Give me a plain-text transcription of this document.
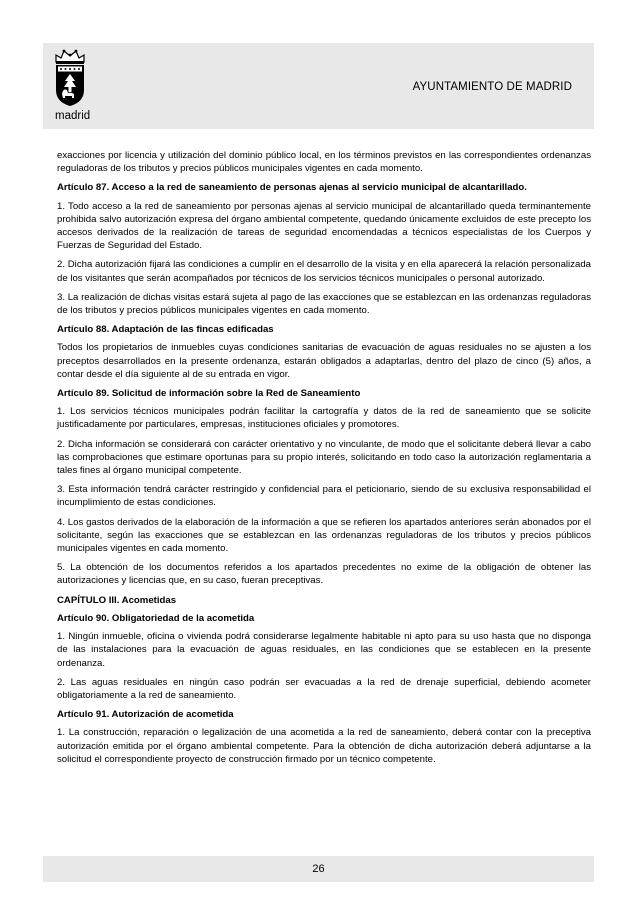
madrid
AYUNTAMIENTO DE MADRID

exacciones por licencia y utilización del dominio público local, en los términos previstos en las correspondientes ordenanzas reguladoras de los tributos y precios públicos municipales vigentes en cada momento.

Artículo 87. Acceso a la red de saneamiento de personas ajenas al servicio municipal de alcantarillado.

1. Todo acceso a la red de saneamiento por personas ajenas al servicio municipal de alcantarillado queda terminantemente prohibida salvo autorización expresa del órgano ambiental competente, quedando únicamente excluidos de este precepto los accesos derivados de la realización de tareas de seguridad encomendadas a técnicos especialistas de los Cuerpos y Fuerzas de Seguridad del Estado.

2. Dicha autorización fijará las condiciones a cumplir en el desarrollo de la visita y en ella aparecerá la relación personalizada de los visitantes que serán acompañados por técnicos de los servicios técnicos municipales o personal autorizado.

3. La realización de dichas visitas estará sujeta al pago de las exacciones que se establezcan en las ordenanzas reguladoras de los tributos y precios públicos municipales vigentes en cada momento.

Artículo 88. Adaptación de las fincas edificadas

Todos los propietarios de inmuebles cuyas condiciones sanitarias de evacuación de aguas residuales no se ajusten a los preceptos desarrollados en la presente ordenanza, estarán obligados a adaptarlas, dentro del plazo de cinco (5) años, a contar desde el día siguiente al de su entrada en vigor.

Artículo 89. Solicitud de información sobre la Red de Saneamiento

1. Los servicios técnicos municipales podrán facilitar la cartografía y datos de la red de saneamiento que se solicite justificadamente por particulares, empresas, instituciones oficiales y promotores.

2. Dicha información se considerará con carácter orientativo y no vinculante, de modo que el solicitante deberá llevar a cabo las comprobaciones que estimare oportunas para su propio interés, solicitando en todo caso la autorización reglamentaria a tales fines al órgano municipal competente.

3. Esta información tendrá carácter restringido y confidencial para el peticionario, siendo de su exclusiva responsabilidad el incumplimiento de estas condiciones.

4. Los gastos derivados de la elaboración de la información a que se refieren los apartados anteriores serán abonados por el solicitante, según las exacciones que se establezcan en las ordenanzas reguladoras de los tributos y precios públicos municipales vigentes en cada momento.

5. La obtención de los documentos referidos a los apartados precedentes no exime de la obligación de obtener las autorizaciones y licencias que, en su caso, fueran preceptivas.

CAPÍTULO III. Acometidas

Artículo 90. Obligatoriedad de la acometida

1. Ningún inmueble, oficina o vivienda podrá considerarse legalmente habitable ni apto para su uso hasta que no disponga de las instalaciones para la evacuación de aguas residuales, en las condiciones que se establecen en la presente ordenanza.

2. Las aguas residuales en ningún caso podrán ser evacuadas a la red de drenaje superficial, debiendo acometer obligatoriamente a la red de saneamiento.

Artículo 91. Autorización de acometida

1. La construcción, reparación o legalización de una acometida a la red de saneamiento, deberá contar con la preceptiva autorización emitida por el órgano ambiental competente. Para la obtención de dicha autorización deberá adjuntarse a la solicitud el correspondiente proyecto de construcción firmado por un técnico competente.

26
